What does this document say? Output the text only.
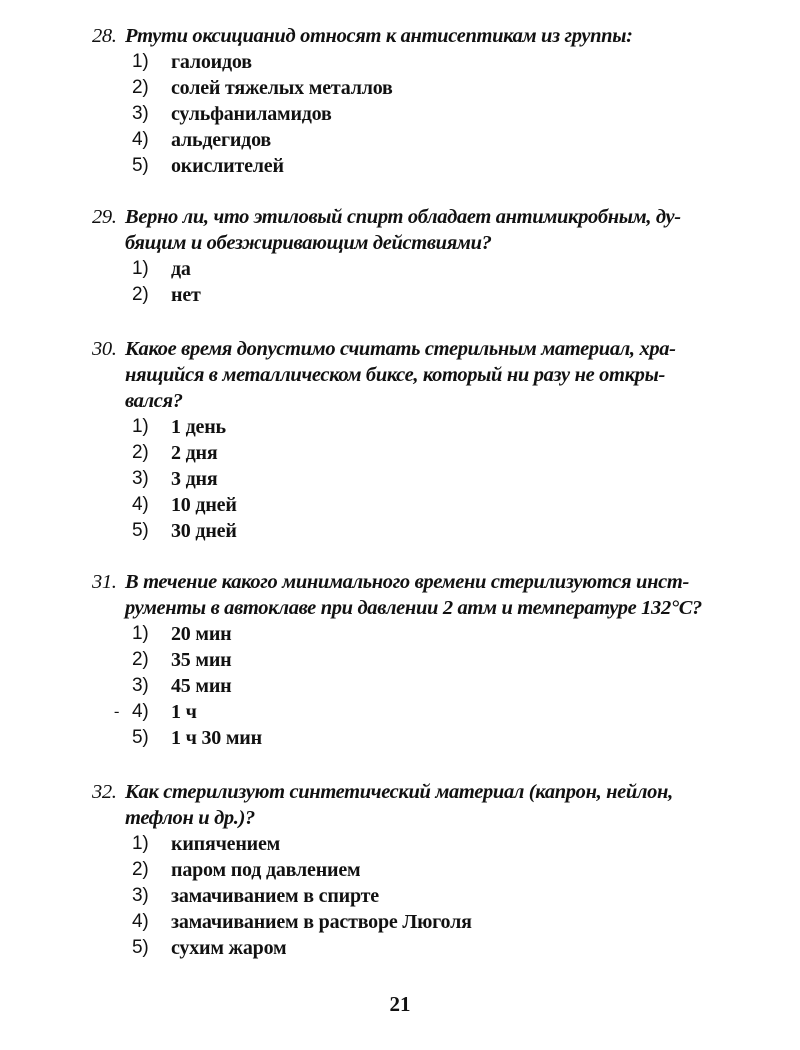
28. Ртути оксицианид относят к антисептикам из группы:
1)	галоидов
2)	солей тяжелых металлов
3)	сульфаниламидов
4)	альдегидов
5)	окислителей
29. Верно ли, что этиловый спирт обладает антимикробным, ду-
бящим и обезжиривающим действиями?
1)	да
2)	нет
30. Какое время допустимо считать стерильным материал, хра-
нящийся в металлическом биксе, который ни разу не откры-
вался?
1)	1 день
2)	2 дня
3)	3 дня
4)	10 дней
5)	30 дней
31. В течение какого минимального времени стерилизуются инст-
рументы в автоклаве при давлении 2 атм и температуре 132°С?
1)	20 мин
2)	35 мин
3)	45 мин
- 4)	1 ч
5)	1 ч 30 мин
32. Как стерилизуют синтетический материал (капрон, нейлон,
тефлон и др.)?
1)	кипячением
2)	паром под давлением
3)	замачиванием в спирте
4)	замачиванием в растворе Люголя
5)	сухим жаром
21
